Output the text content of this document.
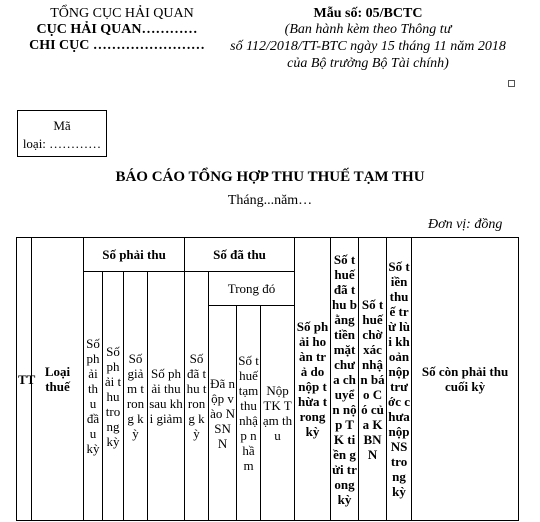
TỔNG CỤC HẢI QUAN
CỤC HẢI QUAN…………
CHI CỤC ……………………
Mẫu số: 05/BCTC
(Ban hành kèm theo Thông tư
số 112/2018/TT-BTC ngày 15 tháng 11 năm 2018
của Bộ trưởng Bộ Tài chính)
Mã
loại: …………
BÁO CÁO TỔNG HỢP THU THUẾ TẠM THU
Tháng...năm…
Đơn vị: đồng
TT	Loại thuế	Số phải thu				Số đã thu				Số phải hoàn trả do nộp thừa trong kỳ	Số thuế đã thu bằng tiền mặt chưa chuyển nộp TK tiền gửi trong kỳ	Số thuế chờ xác nhận báo Có của KBNN	Số tiền thuế trừ lùi khoản nộp trước chưa nộp NS trong kỳ	Số còn phải thu cuối kỳ
		Số phải thu đầu kỳ	Số phải thu trong kỳ	Số giảm trong kỳ	Số phải thu sau khi giảm	Số đã thu trong kỳ	Trong đó							
							Đã nộp vào NSNN	Số thuế tạm thu nhập nhầm	Nộp TK Tạm thu					
